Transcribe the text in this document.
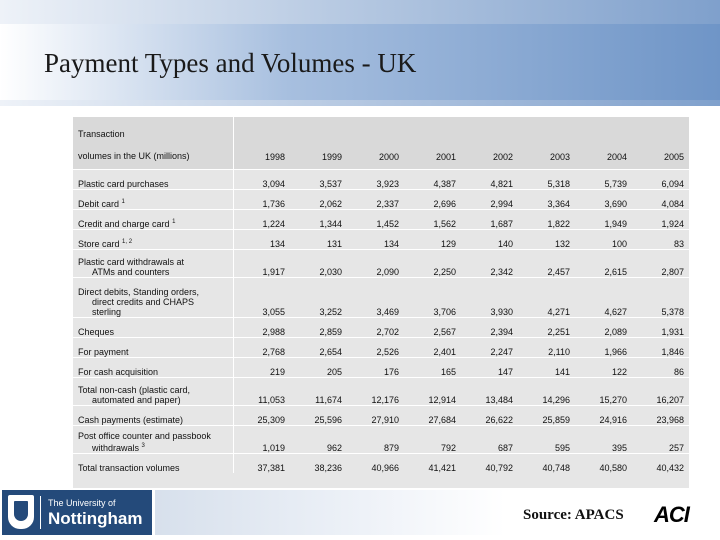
Payment Types and Volumes - UK
Transaction
volumes in the UK (millions)	1998	1999	2000	2001	2002	2003	2004	2005
Plastic card purchases	3,094	3,537	3,923	4,387	4,821	5,318	5,739	6,094
Debit card $^1$	1,736	2,062	2,337	2,696	2,994	3,364	3,690	4,084
Credit and charge card $^1$	1,224	1,344	1,452	1,562	1,687	1,822	1,949	1,924
Store card $^{1, 2}$	134	131	134	129	140	132	100	83

Plastic card withdrawals at
ATMs and counters	1,917	2,030	2,090	2,250	2,342	2,457	2,615	2,807

Direct debits, Standing orders,
direct credits and CHAPS
sterling	3,055	3,252	3,469	3,706	3,930	4,271	4,627	5,378
Cheques	2,988	2,859	2,702	2,567	2,394	2,251	2,089	1,931
For payment	2,768	2,654	2,526	2,401	2,247	2,110	1,966	1,846
For cash acquisition	219	205	176	165	147	141	122	86

Total non-cash (plastic card,
automated and paper)	11,053	11,674	12,176	12,914	13,484	14,296	15,270	16,207
Cash payments (estimate)	25,309	25,596	27,910	27,684	26,622	25,859	24,916	23,968

Post office counter and passbook
withdrawals $^3$	1,019	962	879	792	687	595	395	257
Total transaction volumes	37,381	38,236	40,966	41,421	40,792	40,748	40,580	40,432
The University of
Nottingham	Source: APACS ACI
